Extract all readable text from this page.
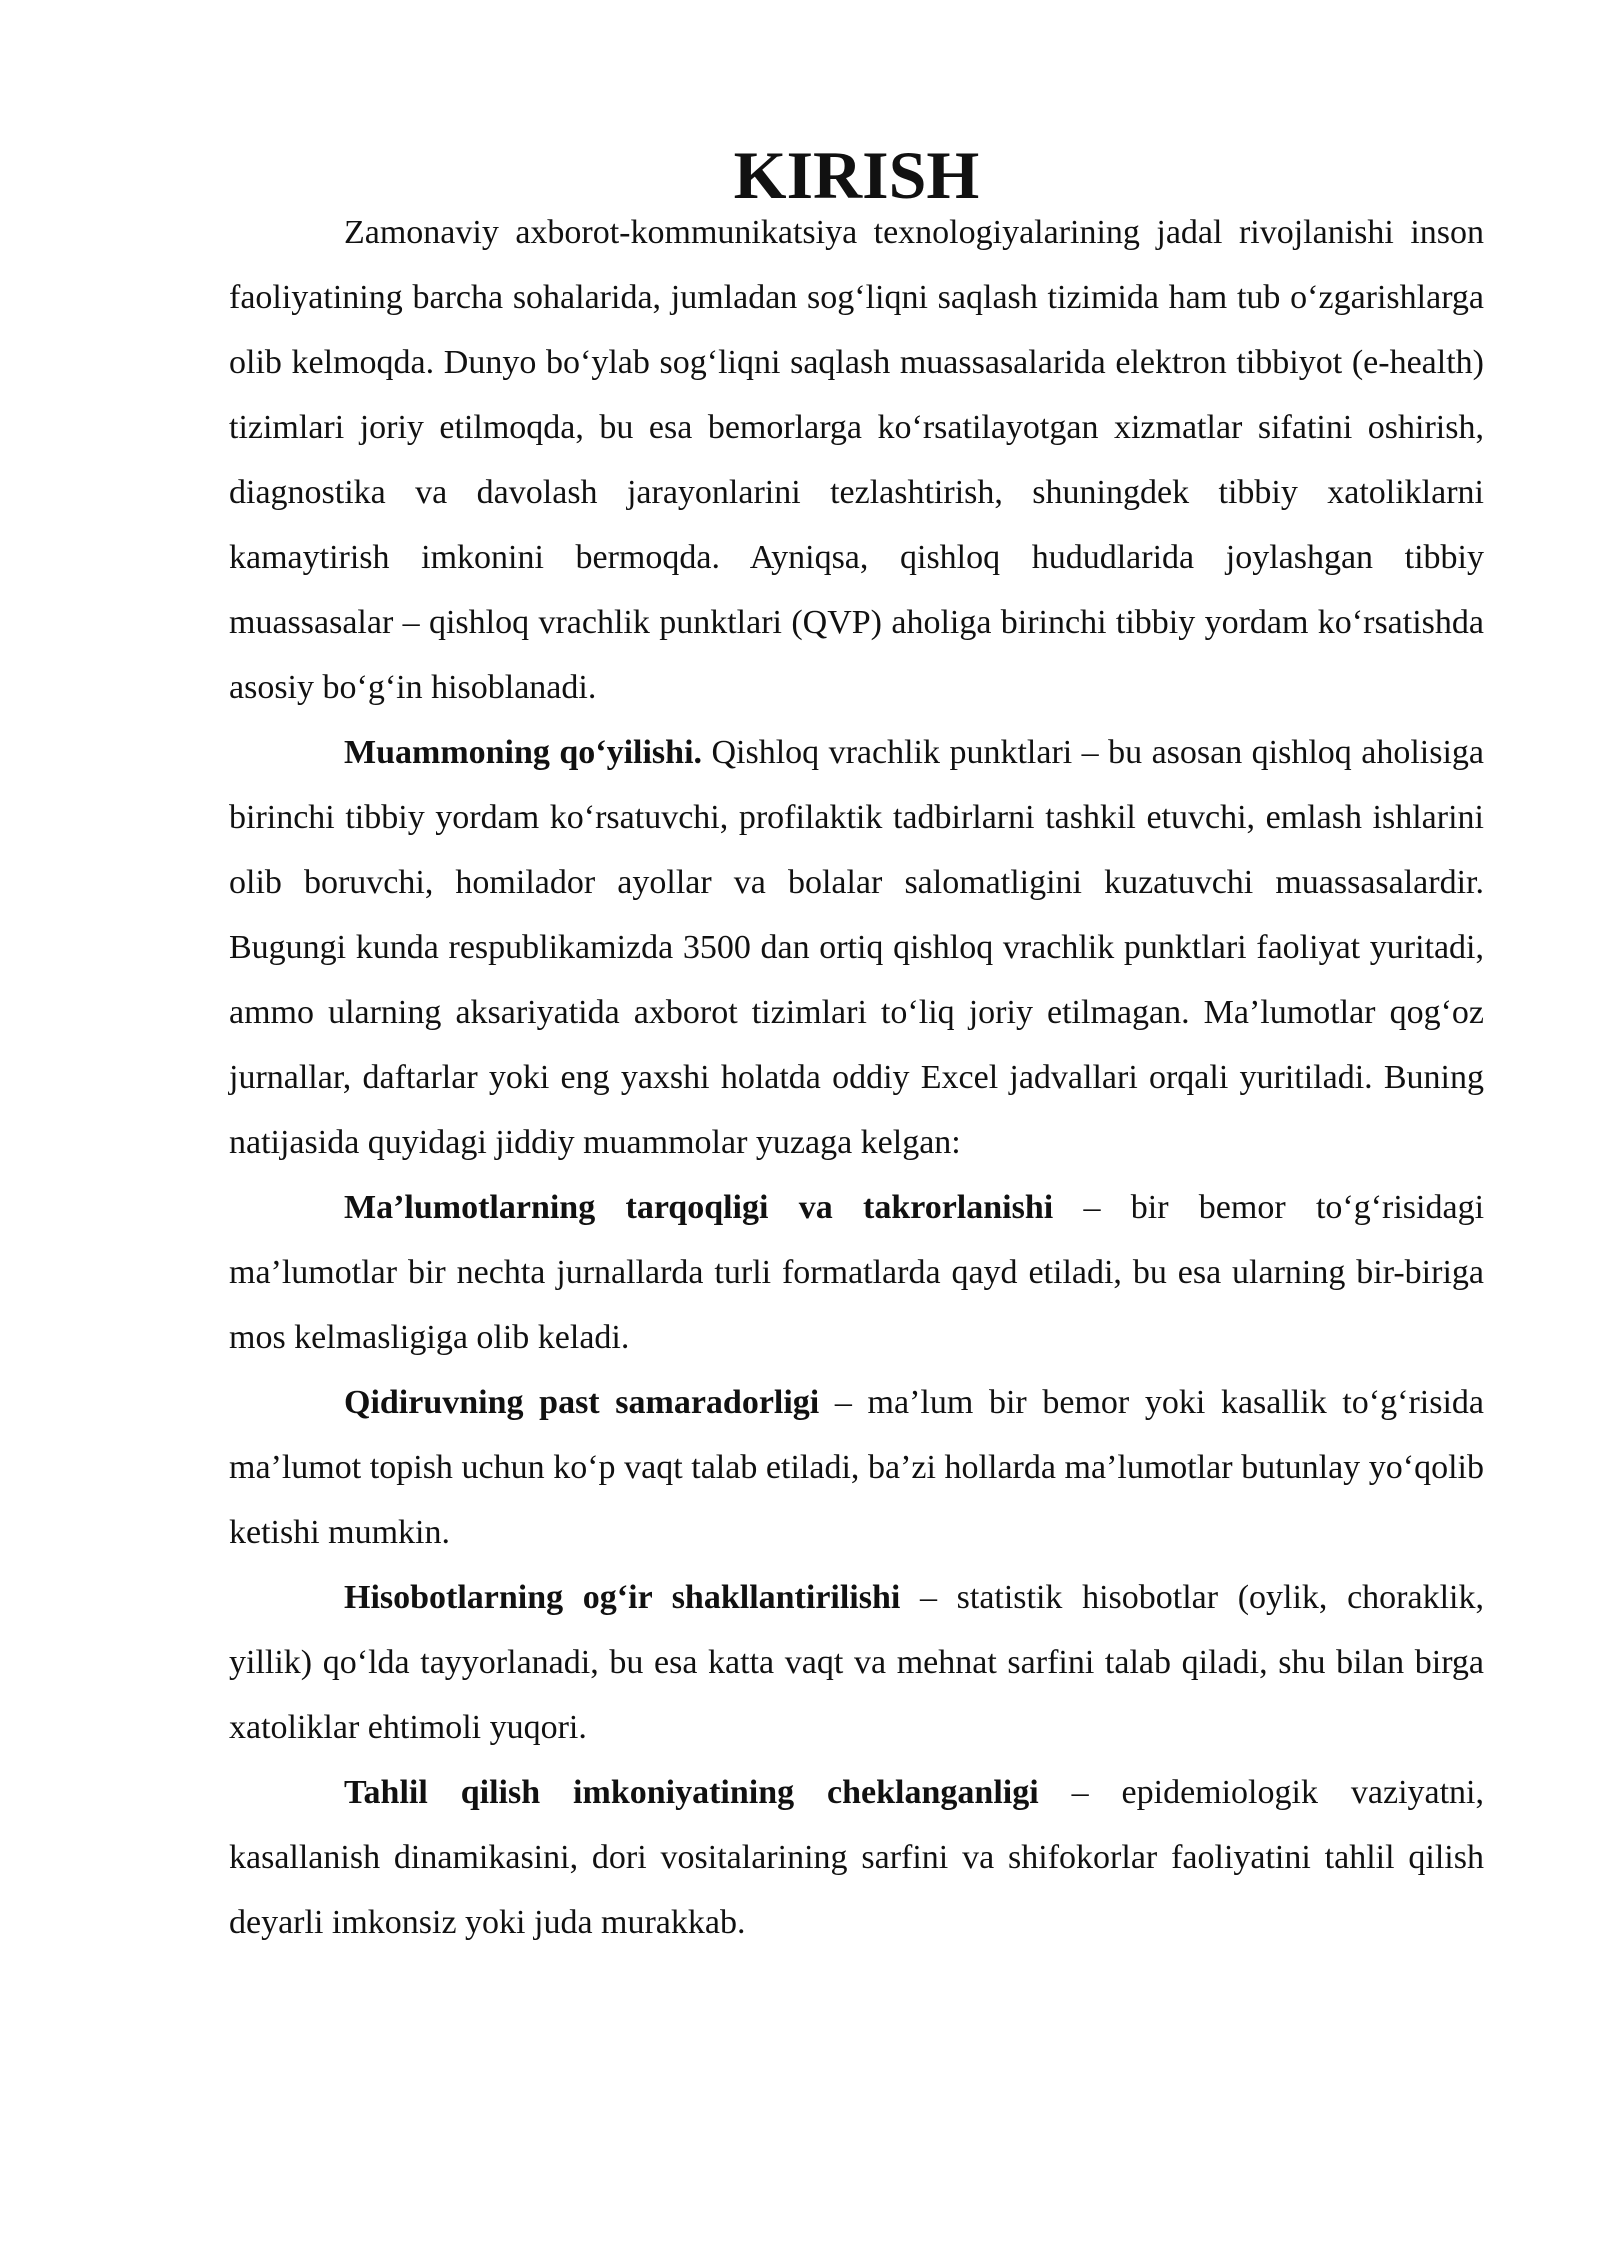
KIRISH

Zamonaviy axborot-kommunikatsiya texnologiyalarining jadal rivojlanishi inson faoliyatining barcha sohalarida, jumladan sog‘liqni saqlash tizimida ham tub o‘zgarishlarga olib kelmoqda. Dunyo bo‘ylab sog‘liqni saqlash muassasalarida elektron tibbiyot (e-health) tizimlari joriy etilmoqda, bu esa bemorlarga ko‘rsatilayotgan xizmatlar sifatini oshirish, diagnostika va davolash jarayonlarini tezlashtirish, shuningdek tibbiy xatoliklarni kamaytirish imkonini bermoqda. Ayniqsa, qishloq hududlarida joylashgan tibbiy muassasalar – qishloq vrachlik punktlari (QVP) aholiga birinchi tibbiy yordam ko‘rsatishda asosiy bo‘g‘in hisoblanadi.

Muammoning qo‘yilishi. Qishloq vrachlik punktlari – bu asosan qishloq aholisiga birinchi tibbiy yordam ko‘rsatuvchi, profilaktik tadbirlarni tashkil etuvchi, emlash ishlarini olib boruvchi, homilador ayollar va bolalar salomatligini kuzatuvchi muassasalardir. Bugungi kunda respublikamizda 3500 dan ortiq qishloq vrachlik punktlari faoliyat yuritadi, ammo ularning aksariyatida axborot tizimlari to‘liq joriy etilmagan. Ma’lumotlar qog‘oz jurnallar, daftarlar yoki eng yaxshi holatda oddiy Excel jadvallari orqali yuritiladi. Buning natijasida quyidagi jiddiy muammolar yuzaga kelgan:

Ma’lumotlarning tarqoqligi va takrorlanishi – bir bemor to‘g‘risidagi ma’lumotlar bir nechta jurnallarda turli formatlarda qayd etiladi, bu esa ularning bir-biriga mos kelmasligiga olib keladi.

Qidiruvning past samaradorligi – ma’lum bir bemor yoki kasallik to‘g‘risida ma’lumot topish uchun ko‘p vaqt talab etiladi, ba’zi hollarda ma’lumotlar butunlay yo‘qolib ketishi mumkin.

Hisobotlarning og‘ir shakllantirilishi – statistik hisobotlar (oylik, choraklik, yillik) qo‘lda tayyorlanadi, bu esa katta vaqt va mehnat sarfini talab qiladi, shu bilan birga xatoliklar ehtimoli yuqori.

Tahlil qilish imkoniyatining cheklanganligi – epidemiologik vaziyatni, kasallanish dinamikasini, dori vositalarining sarfini va shifokorlar faoliyatini tahlil qilish deyarli imkonsiz yoki juda murakkab.
